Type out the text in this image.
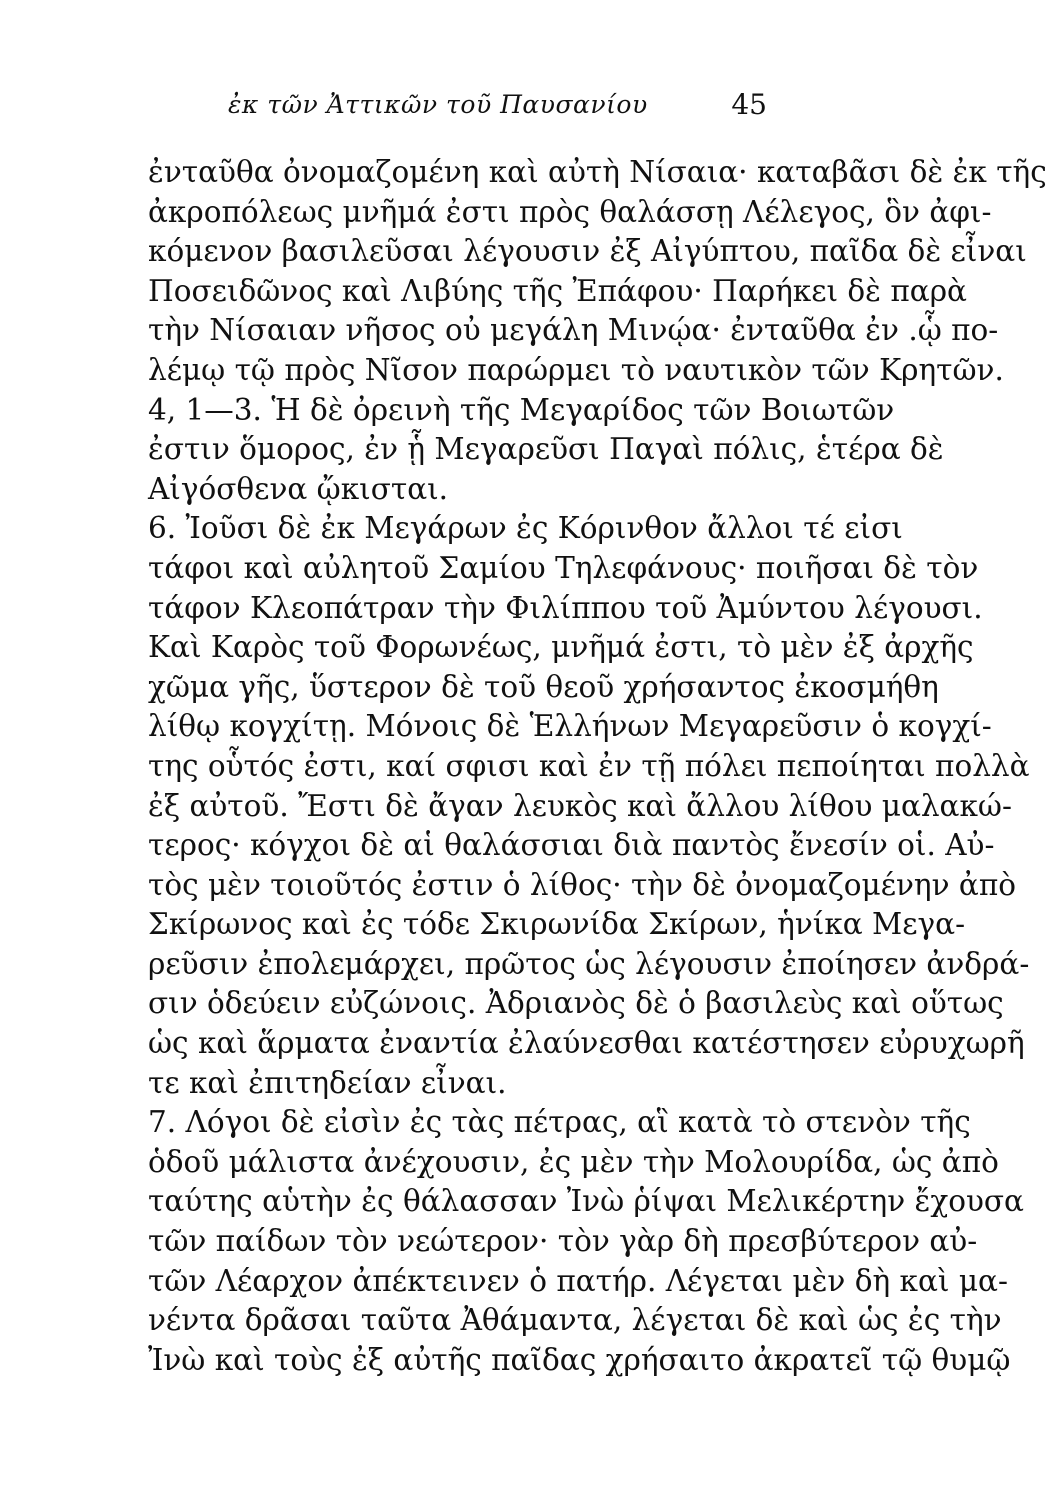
ἐκ τῶν Ἀττικῶν τοῦ Παυσανίου	45
ἐνταῦθα ὀνομαζομένη καὶ αὐτὴ Νίσαια· καταβᾶσι δὲ ἐκ τῆς
ἀκροπόλεως μνῆμά ἐστι πρὸς θαλάσσῃ Λέλεγος, ὃν ἀφι-
κόμενον βασιλεῦσαι λέγουσιν ἐξ Αἰγύπτου, παῖδα δὲ εἶναι
Ποσειδῶνος καὶ Λιβύης τῆς Ἐπάφου· Παρήκει δὲ παρὰ
τὴν Νίσαιαν νῆσος οὐ μεγάλη Μινῴα· ἐνταῦθα ἐν .ᾧ πο-
λέμῳ τῷ πρὸς Νῖσον παρώρμει τὸ ναυτικὸν τῶν Κρητῶν.
4, 1—3. Ἡ δὲ ὀρεινὴ τῆς Μεγαρίδος τῶν Βοιωτῶν
ἐστιν ὅμορος, ἐν ᾗ Μεγαρεῦσι Παγαὶ πόλις, ἑτέρα δὲ
Αἰγόσθενα ᾤκισται.
6. Ἰοῦσι δὲ ἐκ Μεγάρων ἐς Κόρινθον ἄλλοι τέ εἰσι
τάφοι καὶ αὐλητοῦ Σαμίου Τηλεφάνους· ποιῆσαι δὲ τὸν
τάφον Κλεοπάτραν τὴν Φιλίππου τοῦ Ἀμύντου λέγουσι.
Καὶ Καρὸς τοῦ Φορωνέως, μνῆμά ἐστι, τὸ μὲν ἐξ ἀρχῆς
χῶμα γῆς, ὕστερον δὲ τοῦ θεοῦ χρήσαντος ἐκοσμήθη
λίθῳ κογχίτῃ. Μόνοις δὲ Ἑλλήνων Μεγαρεῦσιν ὁ κογχί-
της οὗτός ἐστι, καί σφισι καὶ ἐν τῇ πόλει πεποίηται πολλὰ
ἐξ αὐτοῦ. Ἔστι δὲ ἄγαν λευκὸς καὶ ἄλλου λίθου μαλακώ-
τερος· κόγχοι δὲ αἱ θαλάσσιαι διὰ παντὸς ἔνεσίν οἱ. Αὐ-
τὸς μὲν τοιοῦτός ἐστιν ὁ λίθος· τὴν δὲ ὀνομαζομένην ἀπὸ
Σκίρωνος καὶ ἐς τόδε Σκιρωνίδα Σκίρων, ἡνίκα Μεγα-
ρεῦσιν ἐπολεμάρχει, πρῶτος ὡς λέγουσιν ἐποίησεν ἀνδρά-
σιν ὁδεύειν εὐζώνοις. Ἀδριανὸς δὲ ὁ βασιλεὺς καὶ οὕτως
ὡς καὶ ἅρματα ἐναντία ἐλαύνεσθαι κατέστησεν εὐρυχωρῆ
τε καὶ ἐπιτηδείαν εἶναι.
7. Λόγοι δὲ εἰσὶν ἐς τὰς πέτρας, αἳ κατὰ τὸ στενὸν τῆς
ὁδοῦ μάλιστα ἀνέχουσιν, ἐς μὲν τὴν Μολουρίδα, ὡς ἀπὸ
ταύτης αὑτὴν ἐς θάλασσαν Ἰνὼ ῥίψαι Μελικέρτην ἔχουσα
τῶν παίδων τὸν νεώτερον· τὸν γὰρ δὴ πρεσβύτερον αὐ-
τῶν Λέαρχον ἀπέκτεινεν ὁ πατήρ. Λέγεται μὲν δὴ καὶ μα-
νέντα δρᾶσαι ταῦτα Ἀθάμαντα, λέγεται δὲ καὶ ὡς ἐς τὴν
Ἰνὼ καὶ τοὺς ἐξ αὐτῆς παῖδας χρήσαιτο ἀκρατεῖ τῷ θυμῷ
